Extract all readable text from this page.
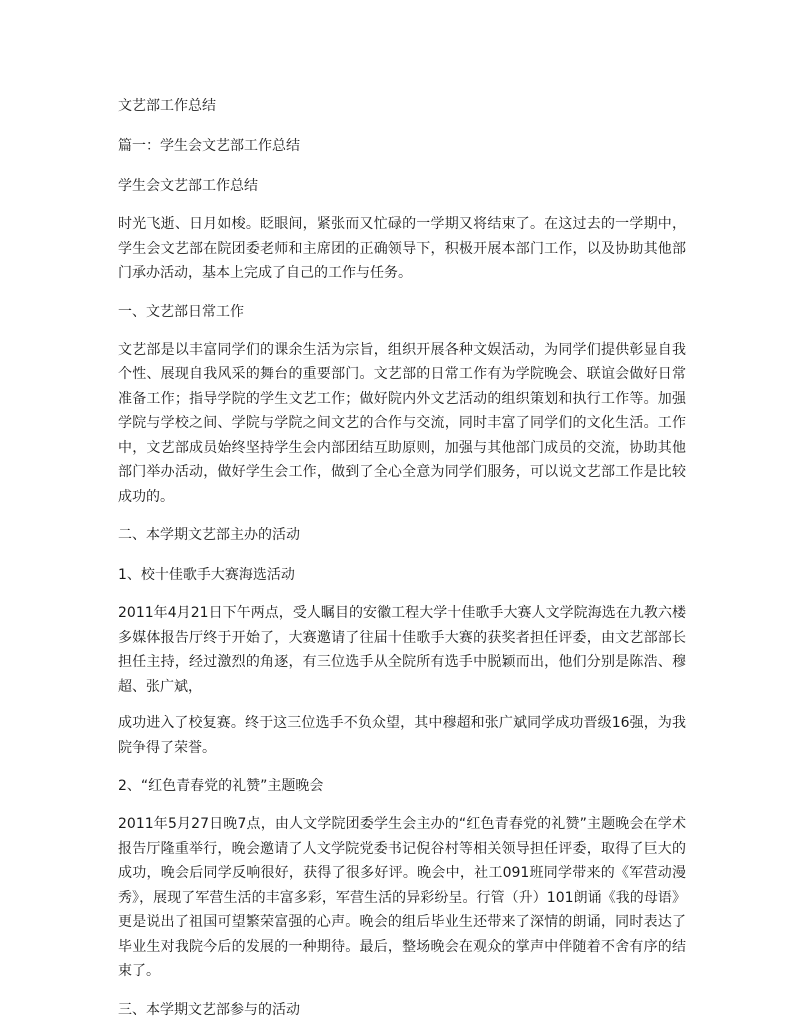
文艺部工作总结

篇一：学生会文艺部工作总结

学生会文艺部工作总结

时光飞逝、日月如梭。眨眼间，紧张而又忙碌的一学期又将结束了。在这过去的一学期中，学生会文艺部在院团委老师和主席团的正确领导下，积极开展本部门工作，以及协助其他部门承办活动，基本上完成了自己的工作与任务。

一、文艺部日常工作

文艺部是以丰富同学们的课余生活为宗旨，组织开展各种文娱活动，为同学们提供彰显自我个性、展现自我风采的舞台的重要部门。文艺部的日常工作有为学院晚会、联谊会做好日常准备工作；指导学院的学生文艺工作；做好院内外文艺活动的组织策划和执行工作等。加强学院与学校之间、学院与学院之间文艺的合作与交流，同时丰富了同学们的文化生活。工作中，文艺部成员始终坚持学生会内部团结互助原则，加强与其他部门成员的交流，协助其他部门举办活动，做好学生会工作，做到了全心全意为同学们服务，可以说文艺部工作是比较成功的。

二、本学期文艺部主办的活动

1、校十佳歌手大赛海选活动

2011年4月21日下午两点，受人瞩目的安徽工程大学十佳歌手大赛人文学院海选在九教六楼多媒体报告厅终于开始了，大赛邀请了往届十佳歌手大赛的获奖者担任评委，由文艺部部长担任主持，经过激烈的角逐，有三位选手从全院所有选手中脱颖而出，他们分别是陈浩、穆超、张广斌，

成功进入了校复赛。终于这三位选手不负众望，其中穆超和张广斌同学成功晋级16强，为我院争得了荣誉。

2、“红色青春党的礼赞”主题晚会

2011年5月27日晚7点，由人文学院团委学生会主办的“红色青春党的礼赞”主题晚会在学术报告厅隆重举行，晚会邀请了人文学院党委书记倪谷村等相关领导担任评委，取得了巨大的成功，晚会后同学反响很好，获得了很多好评。晚会中，社工091班同学带来的《军营动漫秀》，展现了军营生活的丰富多彩，军营生活的异彩纷呈。行管（升）101朗诵《我的母语》更是说出了祖国可望繁荣富强的心声。晚会的组后毕业生还带来了深情的朗诵，同时表达了毕业生对我院今后的发展的一种期待。最后，整场晚会在观众的掌声中伴随着不舍有序的结束了。

三、本学期文艺部参与的活动
